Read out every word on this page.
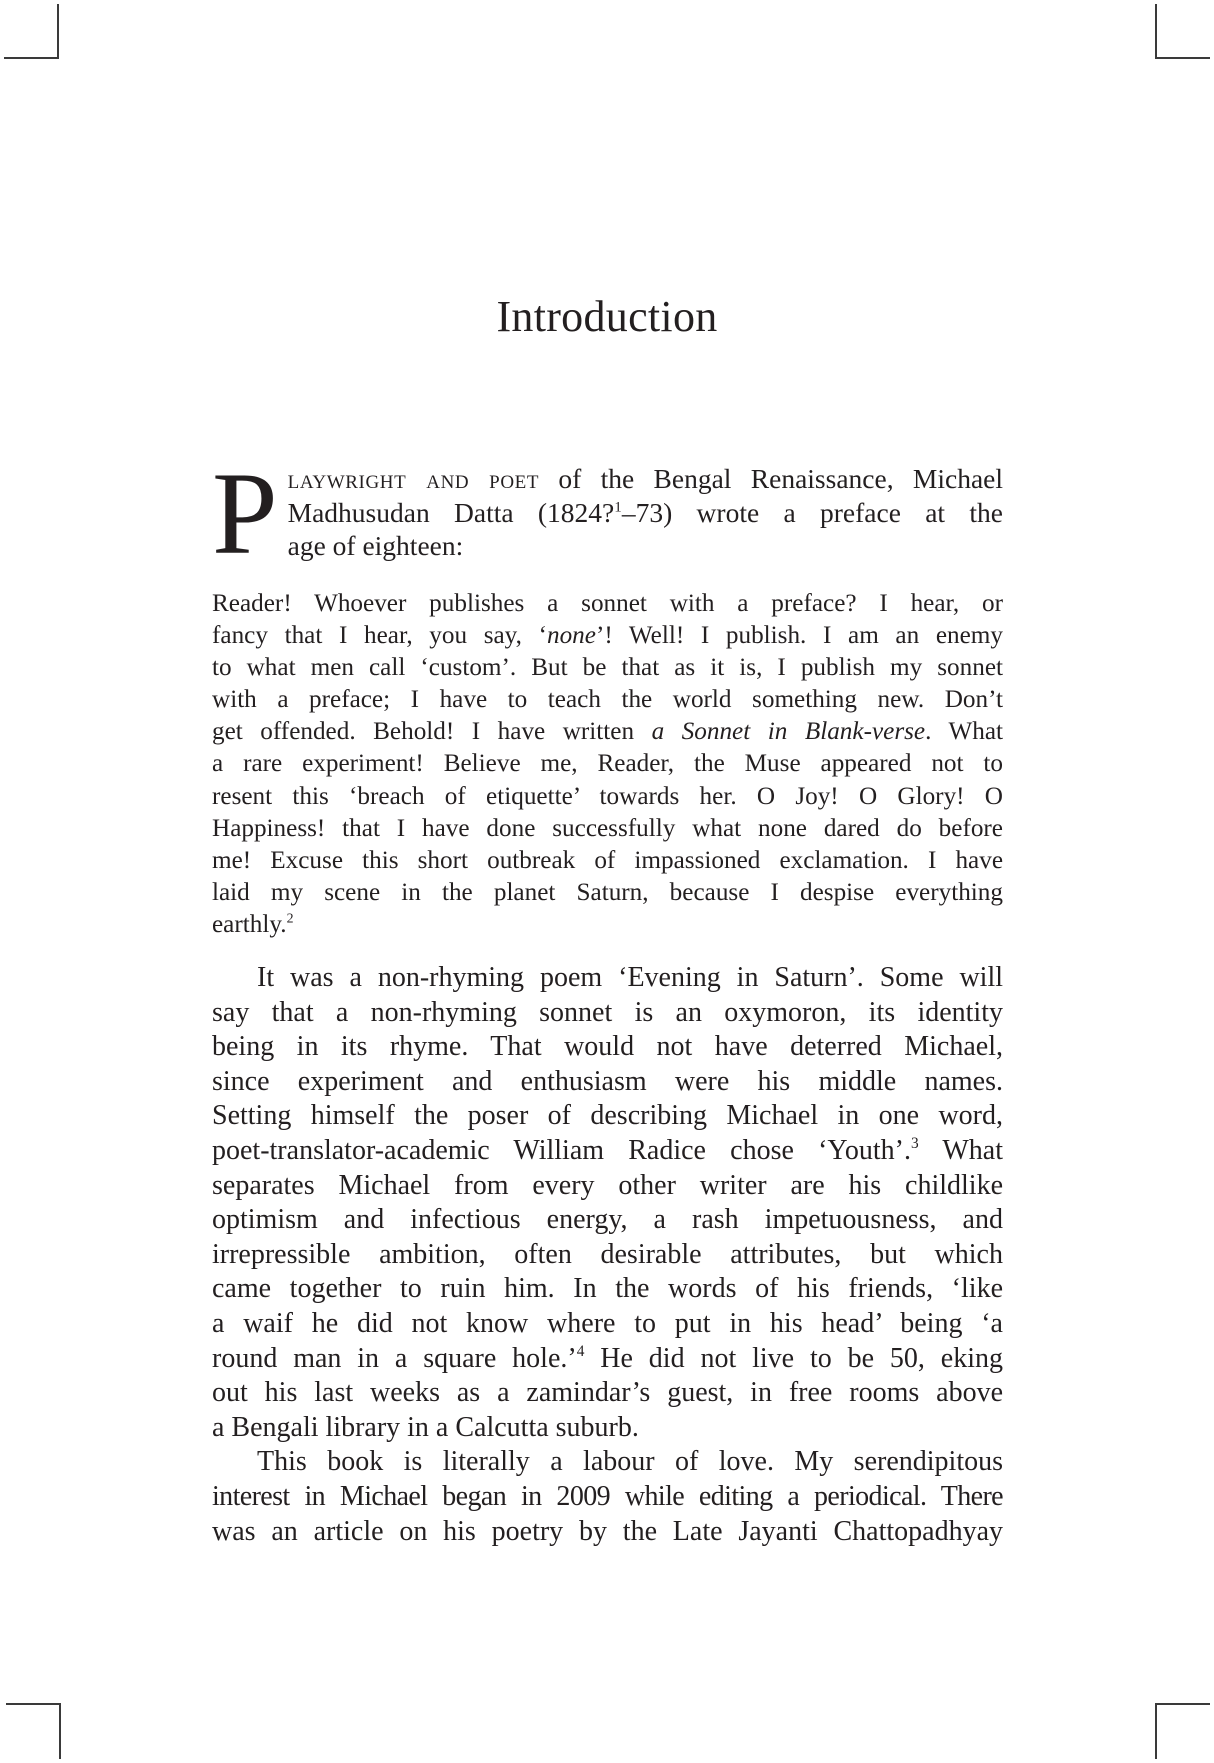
Introduction
P laywright and poet of the Bengal Renaissance, Michael
Madhusudan Datta (1824?$^1$–73) wrote a preface at the
age of eighteen:
Reader! Whoever publishes a sonnet with a preface? I hear, or
fancy that I hear, you say, ‘none’! Well! I publish. I am an enemy
to what men call ‘custom’. But be that as it is, I publish my sonnet
with a preface; I have to teach the world something new. Don’t
get offended. Behold! I have written a Sonnet in Blank-verse. What
a rare experiment! Believe me, Reader, the Muse appeared not to
resent this ‘breach of etiquette’ towards her. O Joy! O Glory! O
Happiness! that I have done successfully what none dared do before
me! Excuse this short outbreak of impassioned exclamation. I have
laid my scene in the planet Saturn, because I despise everything
earthly.$^2$
It was a non-rhyming poem ‘Evening in Saturn’. Some will
say that a non-rhyming sonnet is an oxymoron, its identity
being in its rhyme. That would not have deterred Michael,
since experiment and enthusiasm were his middle names.
Setting himself the poser of describing Michael in one word,
poet-translator-academic William Radice chose ‘Youth’.$^3$ What
separates Michael from every other writer are his childlike
optimism and infectious energy, a rash impetuousness, and
irrepressible ambition, often desirable attributes, but which
came together to ruin him. In the words of his friends, ‘like
a waif he did not know where to put in his head’ being ‘a
round man in a square hole.’$^4$ He did not live to be 50, eking
out his last weeks as a zamindar’s guest, in free rooms above
a Bengali library in a Calcutta suburb.
This book is literally a labour of love. My serendipitous
interest in Michael began in 2009 while editing a periodical. There
was an article on his poetry by the Late Jayanti Chattopadhyay
